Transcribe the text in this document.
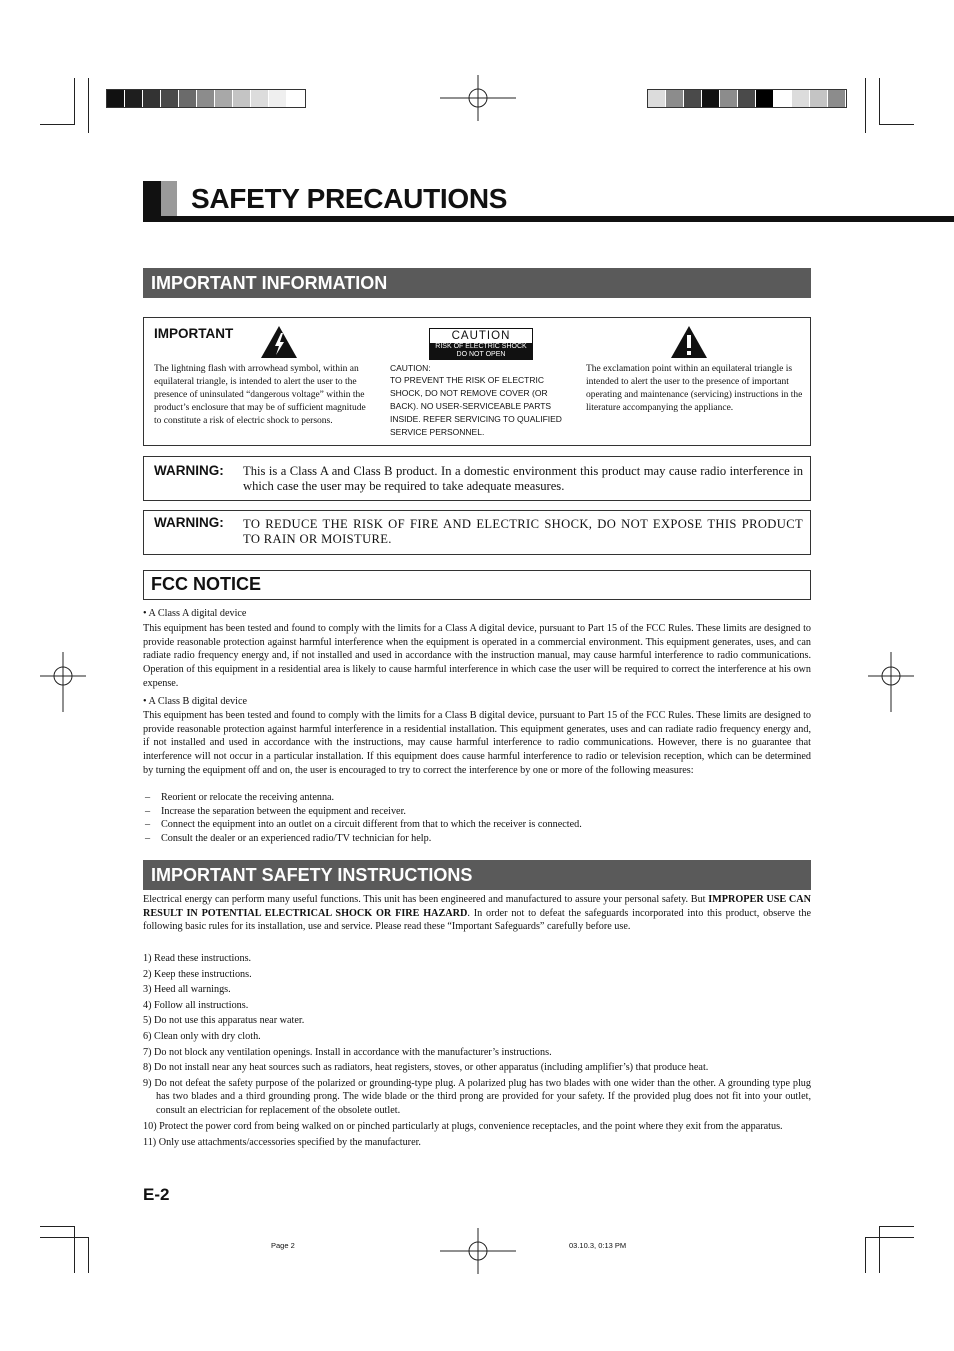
SAFETY PRECAUTIONS
IMPORTANT INFORMATION
IMPORTANT
The lightning flash with arrowhead symbol, within an equilateral triangle, is intended to alert the user to the presence of uninsulated “dangerous voltage” within the product’s enclosure that may be of sufficient magnitude to constitute a risk of electric shock to persons.
CAUTION
RISK OF ELECTRIC SHOCK
DO NOT OPEN
CAUTION:
TO PREVENT THE RISK OF ELECTRIC SHOCK, DO NOT REMOVE COVER (OR BACK). NO USER-SERVICEABLE PARTS INSIDE. REFER SERVICING TO QUALIFIED SERVICE PERSONNEL.
The exclamation point within an equilateral triangle is intended to alert the user to the presence of important operating and maintenance (servicing) instructions in the literature accompanying the appliance.
WARNING: This is a Class A and Class B product. In a domestic environment this product may cause radio interference in which case the user may be required to take adequate measures.
WARNING: TO REDUCE THE RISK OF FIRE AND ELECTRIC SHOCK, DO NOT EXPOSE THIS PRODUCT TO RAIN OR MOISTURE.
FCC NOTICE
• A Class A digital device
This equipment has been tested and found to comply with the limits for a Class A digital device, pursuant to Part 15 of the FCC Rules. These limits are designed to provide reasonable protection against harmful interference when the equipment is operated in a commercial environment. This equipment generates, uses, and can radiate radio frequency energy and, if not installed and used in accordance with the instruction manual, may cause harmful interference to radio communications. Operation of this equipment in a residential area is likely to cause harmful interference in which case the user will be required to correct the interference at his own expense.
• A Class B digital device
This equipment has been tested and found to comply with the limits for a Class B digital device, pursuant to Part 15 of the FCC Rules. These limits are designed to provide reasonable protection against harmful interference in a residential installation. This equipment generates, uses and can radiate radio frequency energy and, if not installed and used in accordance with the instructions, may cause harmful interference to radio communications. However, there is no guarantee that interference will not occur in a particular installation. If this equipment does cause harmful interference to radio or television reception, which can be determined by turning the equipment off and on, the user is encouraged to try to correct the interference by one or more of the following measures:
– Reorient or relocate the receiving antenna.
– Increase the separation between the equipment and receiver.
– Connect the equipment into an outlet on a circuit different from that to which the receiver is connected.
– Consult the dealer or an experienced radio/TV technician for help.
IMPORTANT SAFETY INSTRUCTIONS
Electrical energy can perform many useful functions. This unit has been engineered and manufactured to assure your personal safety. But IMPROPER USE CAN RESULT IN POTENTIAL ELECTRICAL SHOCK OR FIRE HAZARD. In order not to defeat the safeguards incorporated into this product, observe the following basic rules for its installation, use and service. Please read these “Important Safeguards” carefully before use.
1) Read these instructions.
2) Keep these instructions.
3) Heed all warnings.
4) Follow all instructions.
5) Do not use this apparatus near water.
6) Clean only with dry cloth.
7) Do not block any ventilation openings. Install in accordance with the manufacturer’s instructions.
8) Do not install near any heat sources such as radiators, heat registers, stoves, or other apparatus (including amplifier’s) that produce heat.
9) Do not defeat the safety purpose of the polarized or grounding-type plug. A polarized plug has two blades with one wider than the other. A grounding type plug has two blades and a third grounding prong. The wide blade or the third prong are provided for your safety. If the provided plug does not fit into your outlet, consult an electrician for replacement of the obsolete outlet.
10) Protect the power cord from being walked on or pinched particularly at plugs, convenience receptacles, and the point where they exit from the apparatus.
11) Only use attachments/accessories specified by the manufacturer.
E-2
Page 2	03.10.3, 0:13 PM
